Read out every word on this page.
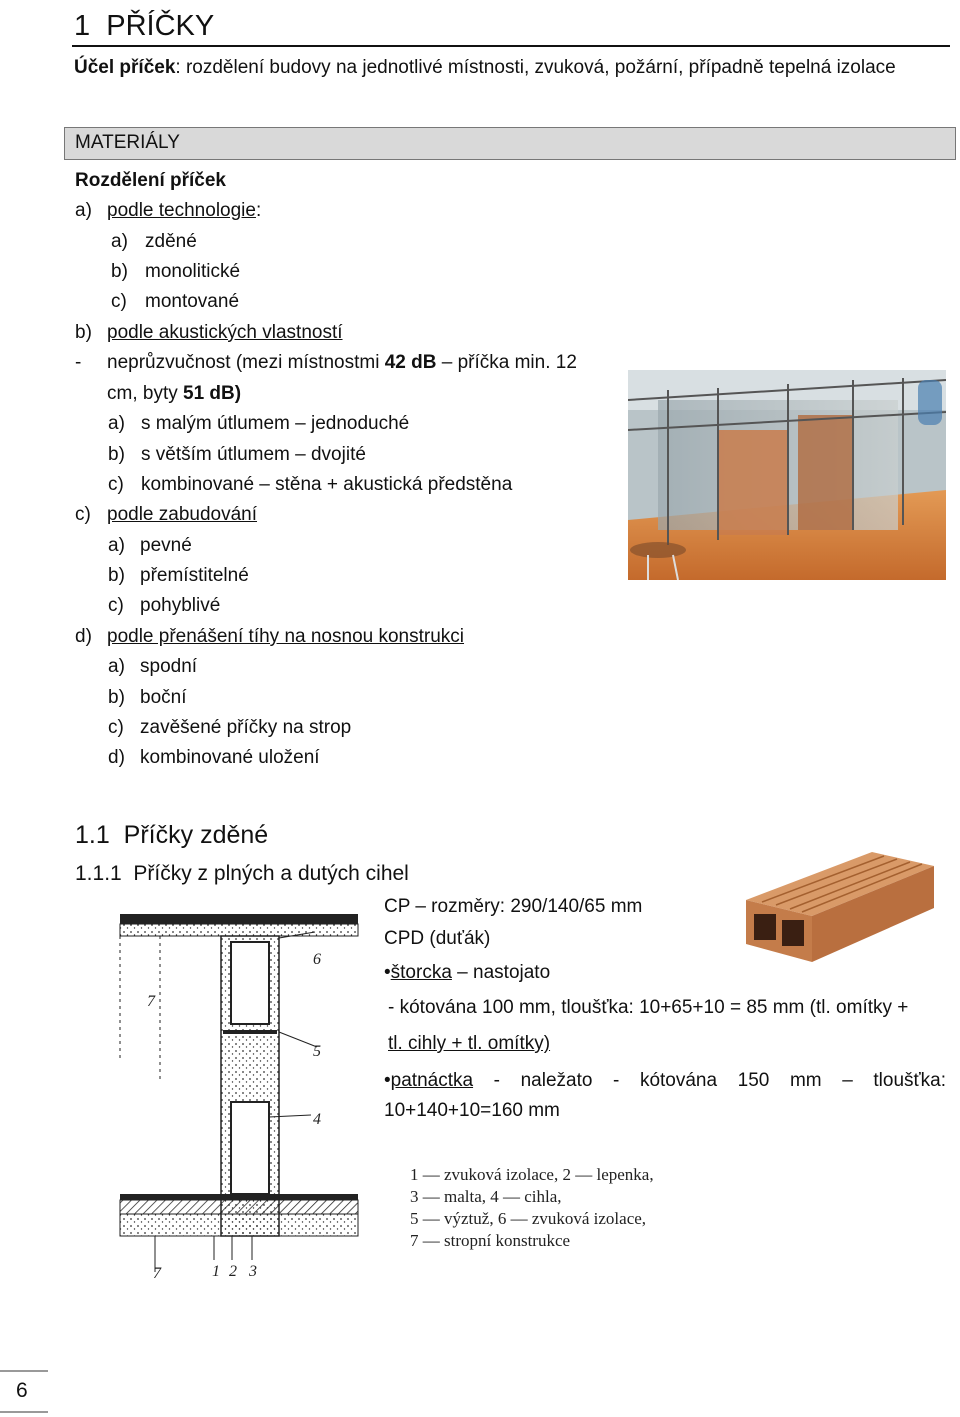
1 PŘÍČKY
Účel příček: rozdělení budovy na jednotlivé místnosti, zvuková, požární, případně tepelná izolace
MATERIÁLY
Rozdělení příček
a) podle technologie:
a) zděné
b) monolitické
c) montované
b) podle akustických vlastností
- neprůzvučnost (mezi místnostmi 42 dB – příčka min. 12
cm, byty 51 dB)
a) s malým útlumem – jednoduché
b) s větším útlumem – dvojité
c) kombinované – stěna + akustická předstěna
c) podle zabudování
a) pevné
b) přemístitelné
c) pohyblivé
d) podle přenášení tíhy na nosnou konstrukci
a) spodní
b) boční
c) zavěšené příčky na strop
d) kombinované uložení
1.1 Příčky zděné
1.1.1 Příčky z plných a dutých cihel
CP – rozměry: 290/140/65 mm
CPD (duťák)
•štorcka – nastojato
- kótována 100 mm, tloušťka: 10+65+10 = 85 mm (tl. omítky +
tl. cihly + tl. omítky)
•patnáctka - naležato - kótována 150 mm – tloušťka:
10+140+10=160 mm
6
7
5
4
7	1 2 3
1 — zvuková izolace, 2 — lepenka,
3 — malta, 4 — cihla,
5 — výztuž, 6 — zvuková izolace,
7 — stropní konstrukce
6
